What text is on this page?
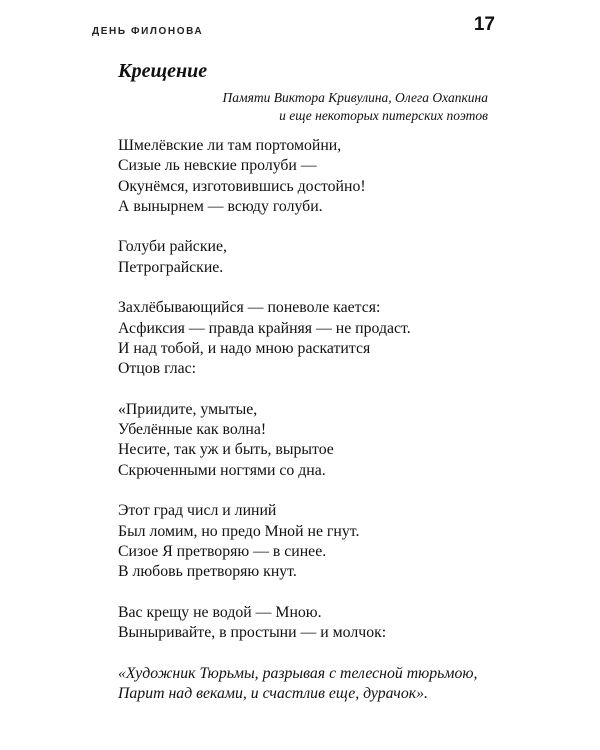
ДЕНЬ ФИЛОНОВА	17
Крещение
Памяти Виктора Кривулина, Олега Охапкина
и еще некоторых питерских поэтов
Шмелёвские ли там портомойни,
Сизые ль невские пролуби —
Окунёмся, изготовившись достойно!
А вынырнем — всюду голуби.
Голуби райские,
Петрограйские.
Захлёбывающийся — поневоле кается:
Асфиксия — правда крайняя — не продаст.
И над тобой, и надо мною раскатится
Отцов глас:
«Приидите, умытые,
Убелённые как волна!
Несите, так уж и быть, вырытое
Скрюченными ногтями со дна.
Этот град числ и линий
Был ломим, но предо Мной не гнут.
Сизое Я претворяю — в синее.
В любовь претворяю кнут.
Вас крещу не водой — Мною.
Выныривайте, в простыни — и молчок:
«Художник Тюрьмы, разрывая с телесной тюрьмою,
Парит над веками, и счастлив еще, дурачок».
